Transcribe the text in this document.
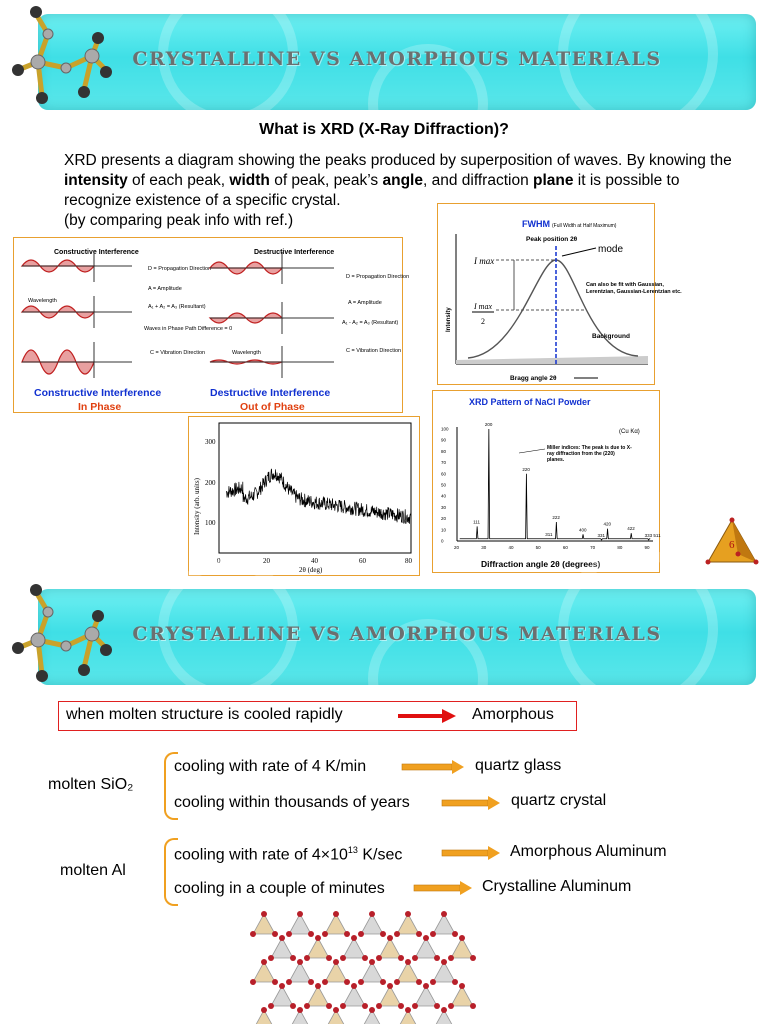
CRYSTALLINE VS AMORPHOUS MATERIALS
What is XRD (X-Ray Diffraction)?
XRD presents a diagram showing the peaks produced by superposition of waves. By knowing the
intensity of each peak, width of peak, peak’s angle, and diffraction plane it is possible to
recognize existence of a specific crystal.
(by comparing peak info with ref.)
Constructive Interference
D = Propagation Direction
A = Amplitude
A₁ + A₂ = A₃ (Resultant)
Waves in Phase Path Difference = 0
C = Vibration Direction
Wavelength
Destructive Interference
D = Propagation Direction
A = Amplitude
A₁ - A₂ = A₃ (Resultant)
C = Vibration Direction
Wavelength
Constructive Interference
In Phase
Destructive Interference
Out of Phase
FWHM (Full Width at Half Maximum)
Peak position 2θ
mode
I max
I max
2
Can also be fit with Gaussian, Lerentzian, Gaussian-Lerentzian etc.
Background
Intensity
Bragg angle 2θ
100
200
300
0	20	40	60	80
2θ (deg)
Intensity (arb. units)
XRD Pattern of NaCl Powder
(Cu Kα)
Miller indices: The peak is due to X- ray diffraction from the (220) planes.
100
90
80
70
60
50
40
30
20
10
0
20	30	40	50	60	70	80	90
111
200
220
311
222
400
331
420
422
333 511
Diffraction angle 2θ (degrees)
6
CRYSTALLINE VS AMORPHOUS MATERIALS
when molten structure is cooled rapidly	Amorphous
molten SiO₂
cooling with rate of 4 K/min	quartz glass
cooling within thousands of years	quartz crystal
molten Al
cooling with rate of $4\times 10^{13}$ K/sec	Amorphous Aluminum
cooling in a couple of minutes	Crystalline Aluminum
